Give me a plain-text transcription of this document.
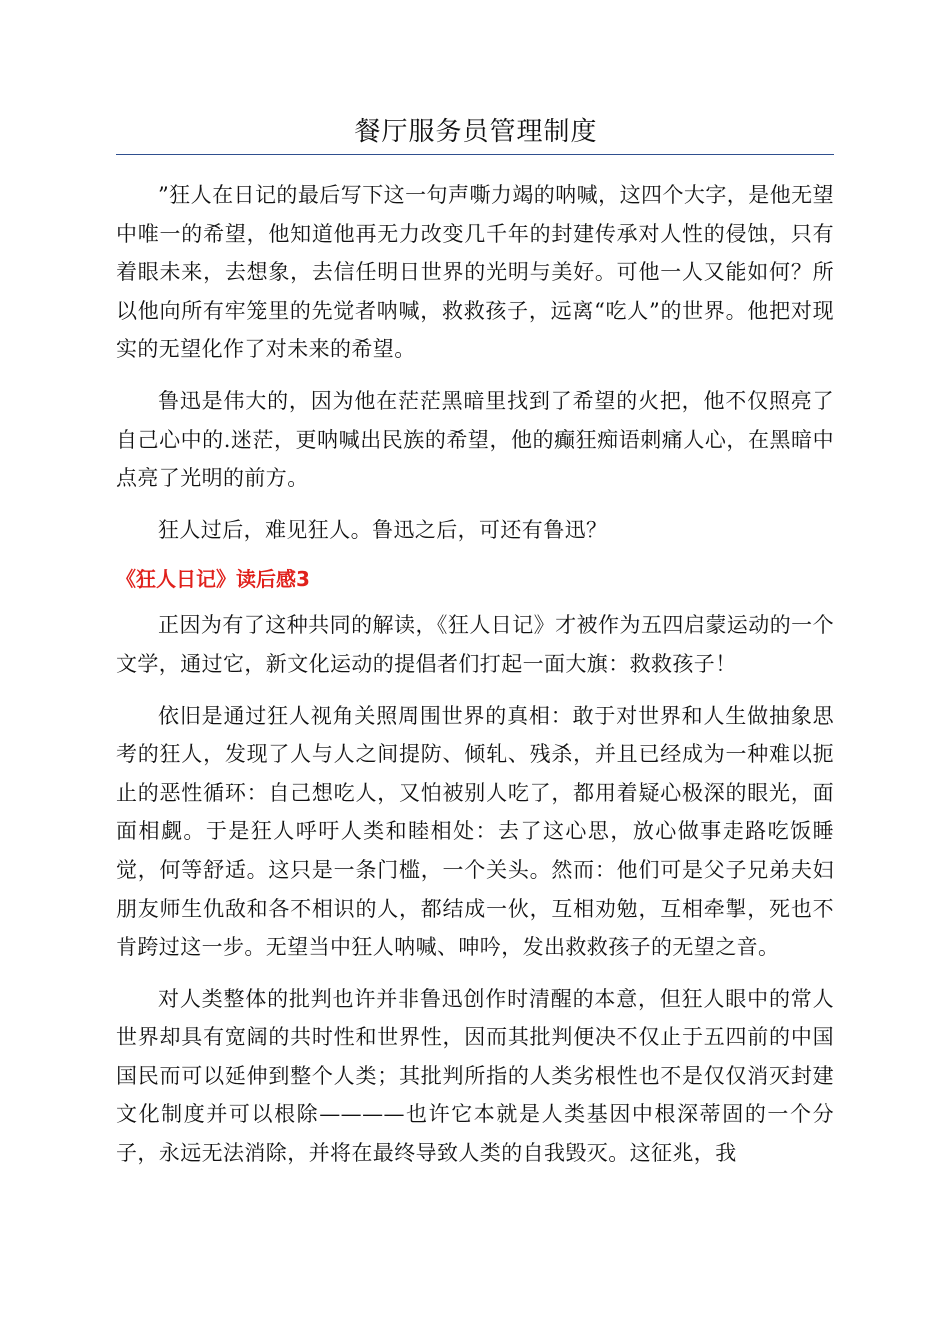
餐厅服务员管理制度

”狂人在日记的最后写下这一句声嘶力竭的呐喊，这四个大字，是他无望中唯一的希望，他知道他再无力改变几千年的封建传承对人性的侵蚀，只有着眼未来，去想象，去信任明日世界的光明与美好。可他一人又能如何？所以他向所有牢笼里的先觉者呐喊，救救孩子，远离“吃人”的世界。他把对现实的无望化作了对未来的希望。

鲁迅是伟大的，因为他在茫茫黑暗里找到了希望的火把，他不仅照亮了自己心中的.迷茫，更呐喊出民族的希望，他的癫狂痴语刺痛人心，在黑暗中点亮了光明的前方。

狂人过后，难见狂人。鲁迅之后，可还有鲁迅？

《狂人日记》读后感3

正因为有了这种共同的解读，《狂人日记》才被作为五四启蒙运动的一个文学，通过它，新文化运动的提倡者们打起一面大旗：救救孩子！

依旧是通过狂人视角关照周围世界的真相：敢于对世界和人生做抽象思考的狂人，发现了人与人之间提防、倾轧、残杀，并且已经成为一种难以扼止的恶性循环：自己想吃人，又怕被别人吃了，都用着疑心极深的眼光，面面相觑。于是狂人呼吁人类和睦相处：去了这心思，放心做事走路吃饭睡觉，何等舒适。这只是一条门槛，一个关头。然而：他们可是父子兄弟夫妇朋友师生仇敌和各不相识的人，都结成一伙，互相劝勉，互相牵掣，死也不肯跨过这一步。无望当中狂人呐喊、呻吟，发出救救孩子的无望之音。

对人类整体的批判也许并非鲁迅创作时清醒的本意，但狂人眼中的常人世界却具有宽阔的共时性和世界性，因而其批判便决不仅止于五四前的中国国民而可以延伸到整个人类；其批判所指的人类劣根性也不是仅仅消灭封建文化制度并可以根除————也许它本就是人类基因中根深蒂固的一个分子，永远无法消除，并将在最终导致人类的自我毁灭。这征兆，我
